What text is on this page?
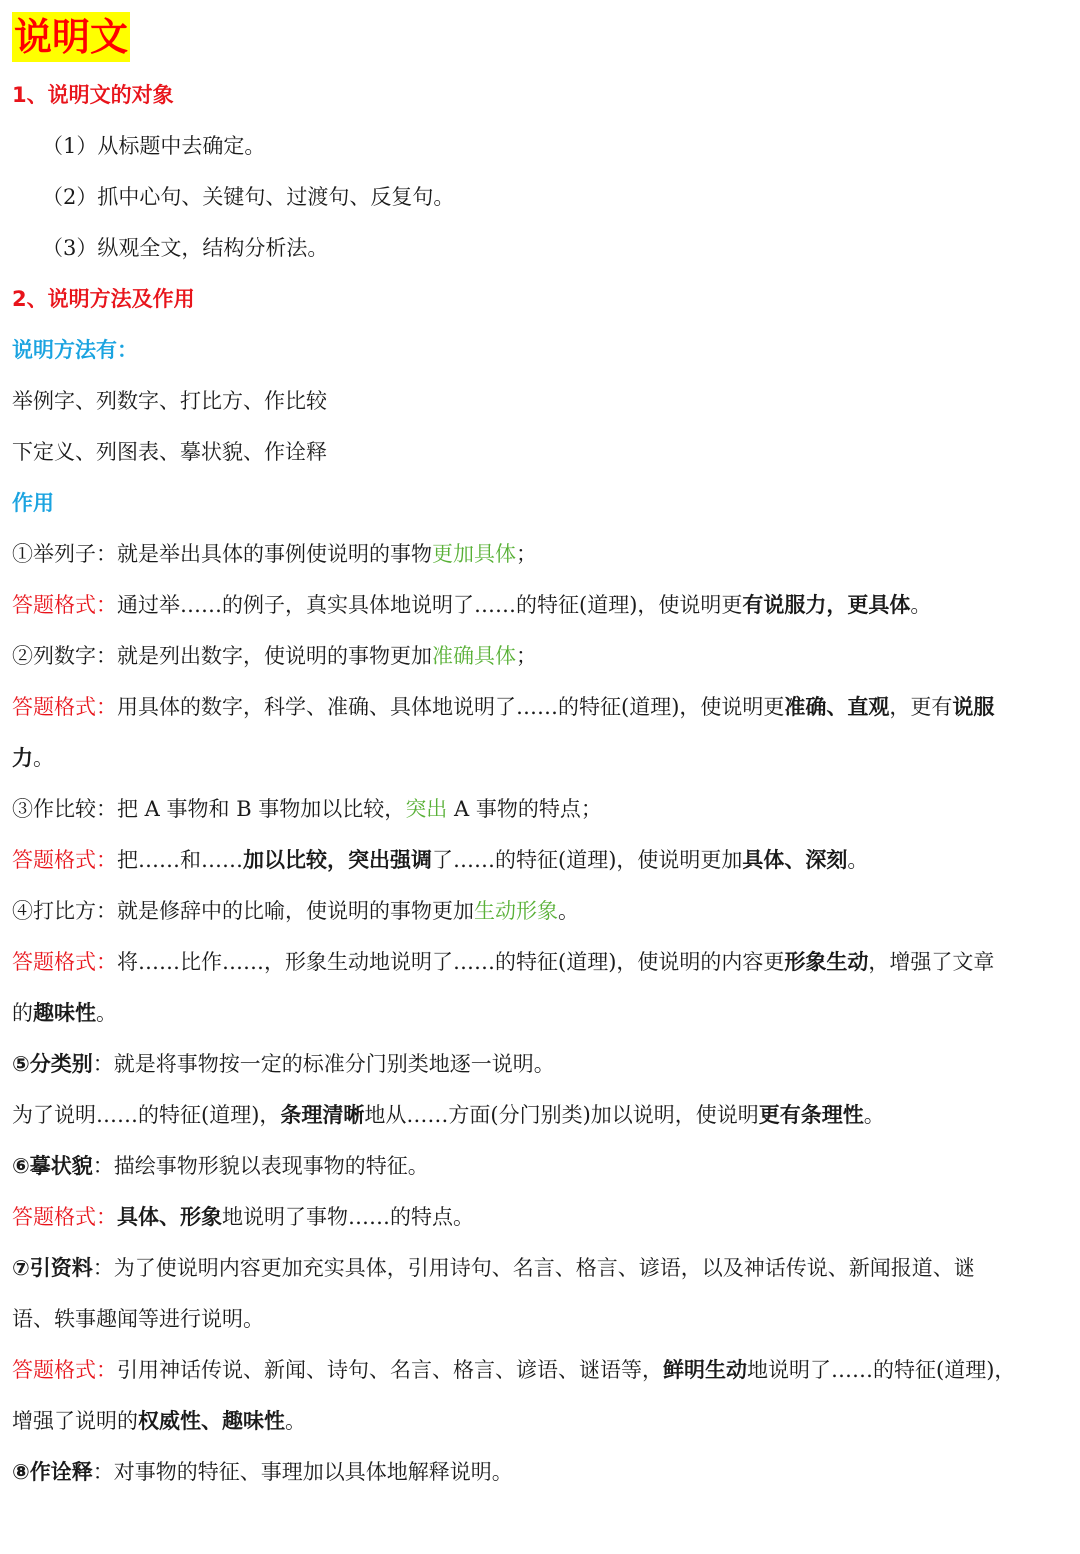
说明文
1、说明文的对象
（1）从标题中去确定。
（2）抓中心句、关键句、过渡句、反复句。
（3）纵观全文，结构分析法。
2、说明方法及作用
说明方法有：
举例字、列数字、打比方、作比较
下定义、列图表、摹状貌、作诠释
作用
①举列子：就是举出具体的事例使说明的事物更加具体；
答题格式：通过举……的例子，真实具体地说明了……的特征(道理)，使说明更有说服力，更具体。
②列数字：就是列出数字，使说明的事物更加准确具体；
答题格式：用具体的数字，科学、准确、具体地说明了……的特征(道理)，使说明更准确、直观，更有说服
力。
③作比较：把 A 事物和 B 事物加以比较，突出 A 事物的特点；
答题格式：把……和……加以比较，突出强调了……的特征(道理)，使说明更加具体、深刻。
④打比方：就是修辞中的比喻，使说明的事物更加生动形象。
答题格式：将……比作……，形象生动地说明了……的特征(道理)，使说明的内容更形象生动，增强了文章
的趣味性。
⑤分类别：就是将事物按一定的标准分门别类地逐一说明。
为了说明……的特征(道理)，条理清晰地从……方面(分门别类)加以说明，使说明更有条理性。
⑥摹状貌：描绘事物形貌以表现事物的特征。
答题格式：具体、形象地说明了事物……的特点。
⑦引资料：为了使说明内容更加充实具体，引用诗句、名言、格言、谚语，以及神话传说、新闻报道、谜
语、轶事趣闻等进行说明。
答题格式：引用神话传说、新闻、诗句、名言、格言、谚语、谜语等，鲜明生动地说明了……的特征(道理)，
增强了说明的权威性、趣味性。
⑧作诠释：对事物的特征、事理加以具体地解释说明。
